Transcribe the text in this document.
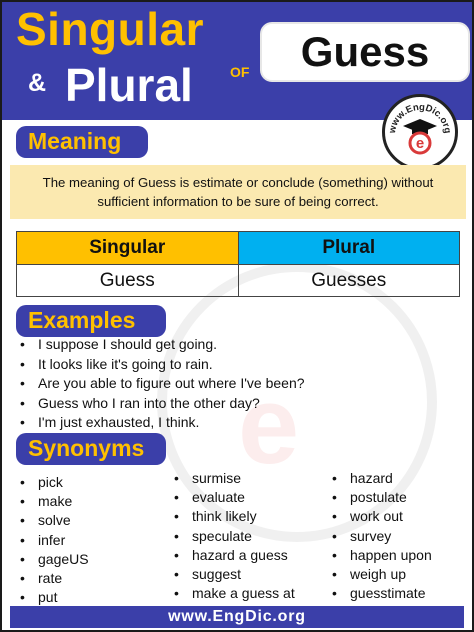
e
Singular
& Plural	OF	Guess
www.EngDic.org
e
Meaning
The meaning of Guess is estimate or conclude (something) without
sufficient information to be sure of being correct.
Singular	Plural
Guess	Guesses
Examples
• I suppose I should get going.
• It looks like it's going to rain.
• Are you able to figure out where I've been?
• Guess who I ran into the other day?
• I'm just exhausted, I think.
Synonyms
• pick
• make
• solve
• infer
• gageUS
• rate
• put
• surmise
• evaluate
• think likely
• speculate
• hazard a guess
• suggest
• make a guess at
• hazard
• postulate
• work out
• survey
• happen upon
• weigh up
• guesstimate
www.EngDic.org
